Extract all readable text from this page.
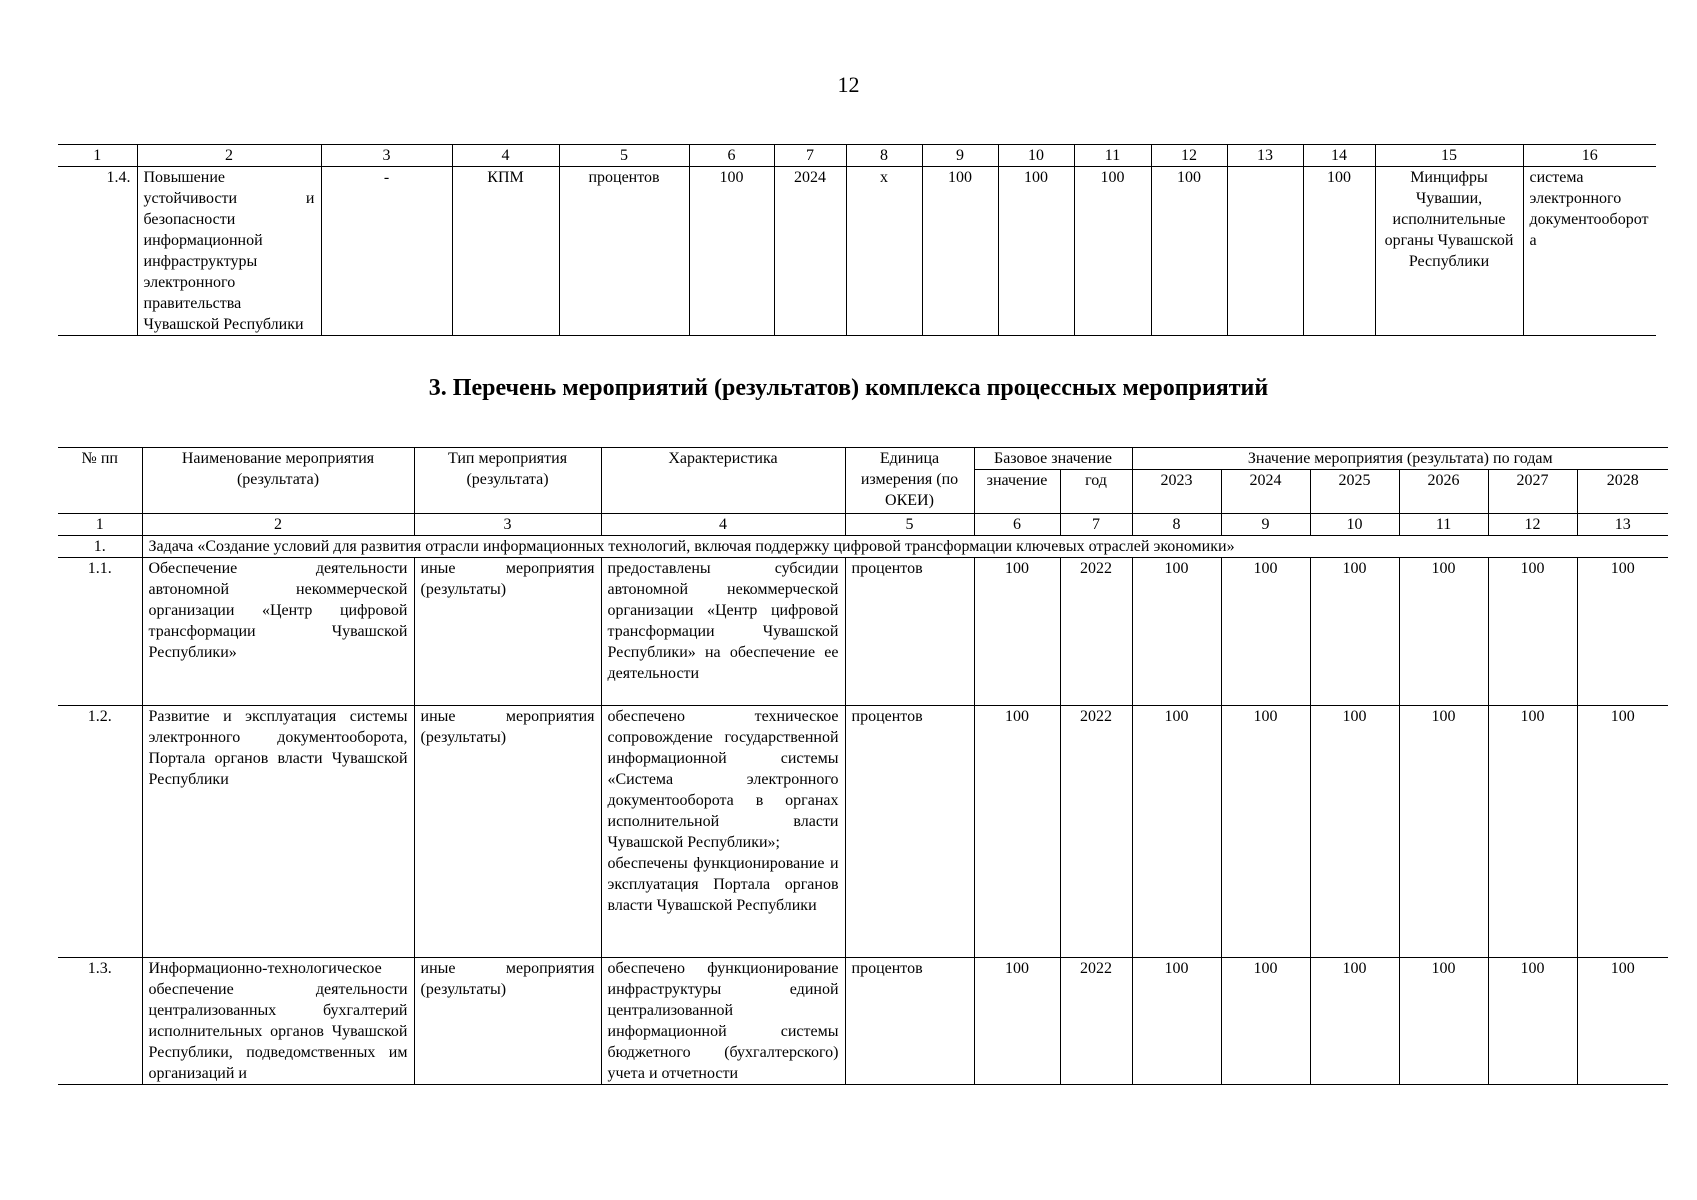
12
1	2	3	4	5	6	7	8	9	10	11	12	13	14	15	16
1.4.	Повышение устойчивости и безопасности информационной инфраструктуры электронного правительства Чувашской Республики	-	КПМ	процентов	100	2024	х	100	100	100	100		100	Минцифры Чувашии, исполнительные органы Чувашской Республики	система электронного документооборота
3. Перечень мероприятий (результатов) комплекса процессных мероприятий
№ пп	Наименование мероприятия (результата)	Тип мероприятия (результата)	Характеристика	Единица измерения (по ОКЕИ)	Базовое значение		Значение мероприятия (результата) по годам					
					значение	год	2023	2024	2025	2026	2027	2028
1	2	3	4	5	6	7	8	9	10	11	12	13
1.	Задача «Создание условий для развития отрасли информационных технологий, включая поддержку цифровой трансформации ключевых отраслей экономики»											
1.1.	Обеспечение деятельности автономной некоммерческой организации «Центр цифровой трансформации Чувашской Республики»	иные мероприятия (результаты)	предоставлены субсидии автономной некоммерческой организации «Центр цифровой трансформации Чувашской Республики» на обеспечение ее деятельности	процентов	100	2022	100	100	100	100	100	100
1.2.	Развитие и эксплуатация системы электронного документооборота, Портала органов власти Чувашской Республики	иные мероприятия (результаты)	обеспечено техническое сопровождение государственной информационной системы «Система электронного документооборота в органах исполнительной власти Чувашской Республики»;
обеспечены функционирование и эксплуатация Портала органов власти Чувашской Республики	процентов	100	2022	100	100	100	100	100	100
1.3.	Информационно-технологическое обеспечение деятельности централизованных бухгалтерий исполнительных органов Чувашской Республики, подведомственных им организаций и	иные мероприятия (результаты)	обеспечено функционирование инфраструктуры единой централизованной информационной системы бюджетного (бухгалтерского) учета и отчетности	процентов	100	2022	100	100	100	100	100	100
